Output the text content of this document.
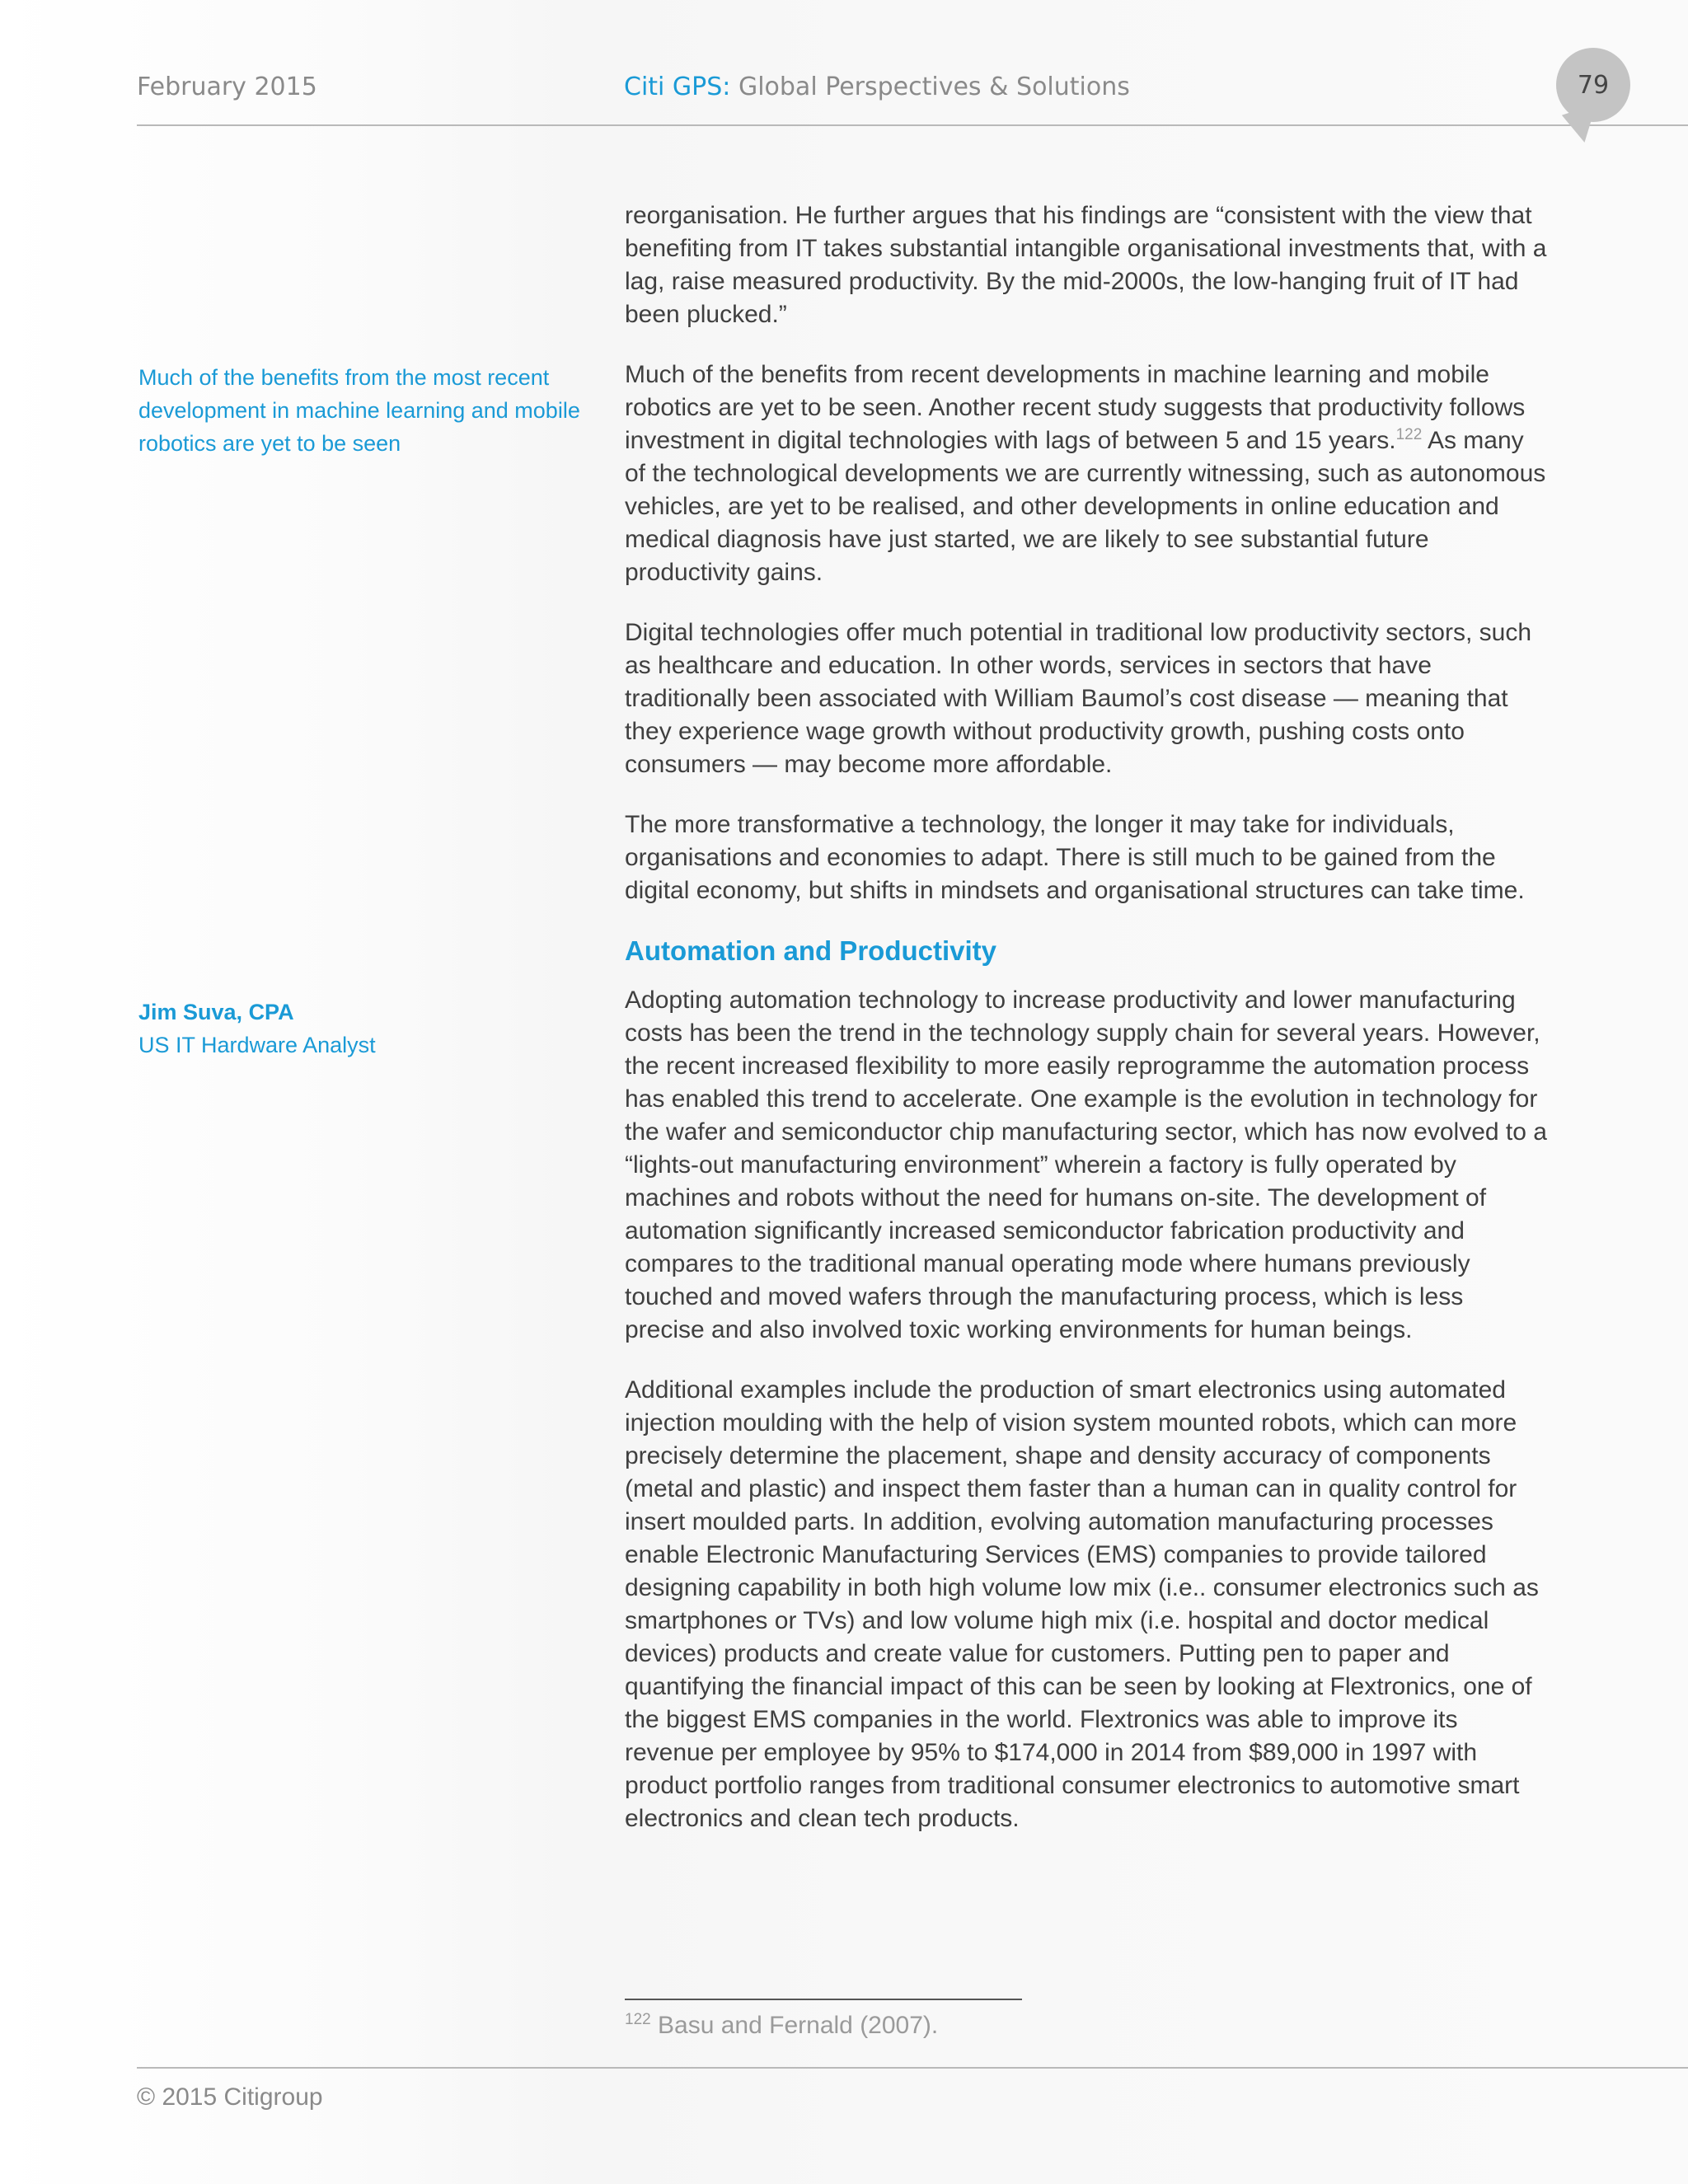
February 2015	Citi GPS: Global Perspectives & Solutions	79
Much of the benefits from the most recent development in machine learning and mobile robotics are yet to be seen
Jim Suva, CPA
US IT Hardware Analyst

reorganisation. He further argues that his findings are “consistent with the view that benefiting from IT takes substantial intangible organisational investments that, with a lag, raise measured productivity. By the mid-2000s, the low-hanging fruit of IT had been plucked.”

Much of the benefits from recent developments in machine learning and mobile robotics are yet to be seen. Another recent study suggests that productivity follows investment in digital technologies with lags of between 5 and 15 years.$^{122}$ As many of the technological developments we are currently witnessing, such as autonomous vehicles, are yet to be realised, and other developments in online education and medical diagnosis have just started, we are likely to see substantial future productivity gains.

Digital technologies offer much potential in traditional low productivity sectors, such as healthcare and education. In other words, services in sectors that have traditionally been associated with William Baumol’s cost disease — meaning that they experience wage growth without productivity growth, pushing costs onto consumers — may become more affordable.

The more transformative a technology, the longer it may take for individuals, organisations and economies to adapt. There is still much to be gained from the digital economy, but shifts in mindsets and organisational structures can take time.

Automation and Productivity

Adopting automation technology to increase productivity and lower manufacturing costs has been the trend in the technology supply chain for several years. However, the recent increased flexibility to more easily reprogramme the automation process has enabled this trend to accelerate. One example is the evolution in technology for the wafer and semiconductor chip manufacturing sector, which has now evolved to a “lights-out manufacturing environment” wherein a factory is fully operated by machines and robots without the need for humans on-site. The development of automation significantly increased semiconductor fabrication productivity and compares to the traditional manual operating mode where humans previously touched and moved wafers through the manufacturing process, which is less precise and also involved toxic working environments for human beings.

Additional examples include the production of smart electronics using automated injection moulding with the help of vision system mounted robots, which can more precisely determine the placement, shape and density accuracy of components (metal and plastic) and inspect them faster than a human can in quality control for insert moulded parts. In addition, evolving automation manufacturing processes enable Electronic Manufacturing Services (EMS) companies to provide tailored designing capability in both high volume low mix (i.e.. consumer electronics such as smartphones or TVs) and low volume high mix (i.e. hospital and doctor medical devices) products and create value for customers. Putting pen to paper and quantifying the financial impact of this can be seen by looking at Flextronics, one of the biggest EMS companies in the world. Flextronics was able to improve its revenue per employee by 95% to $174,000 in 2014 from $89,000 in 1997 with product portfolio ranges from traditional consumer electronics to automotive smart electronics and clean tech products.

$^{122}$ Basu and Fernald (2007).
© 2015 Citigroup
